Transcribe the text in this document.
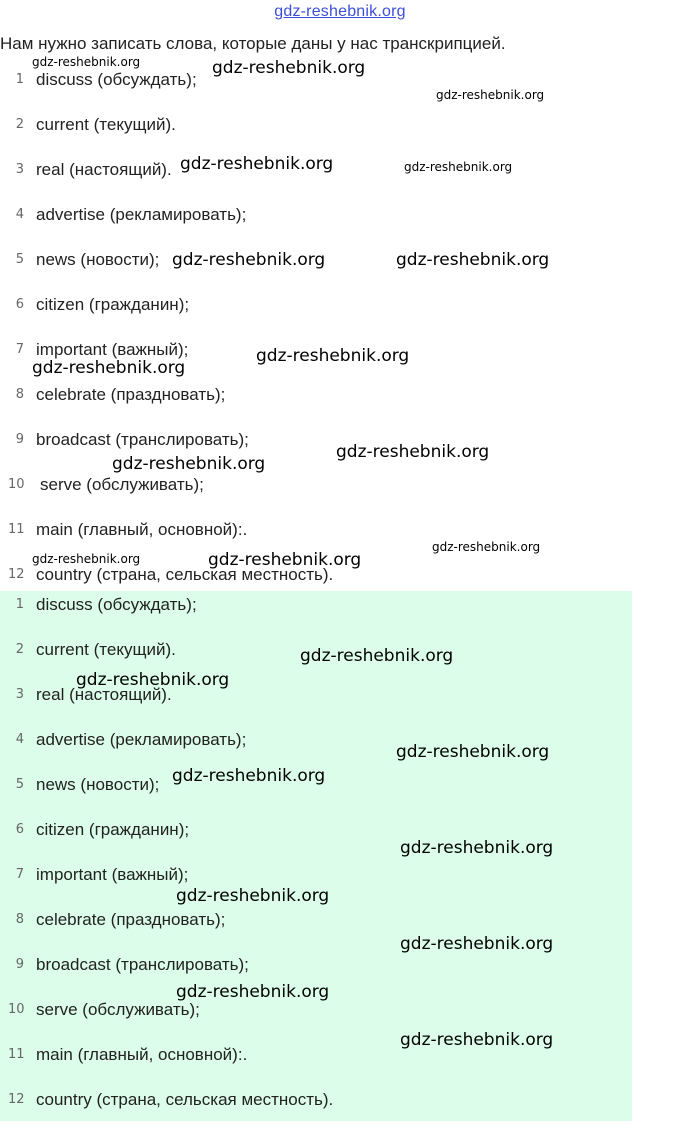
gdz-reshebnik.org
Нам нужно записать слова, которые даны у нас транскрипцией.
1 discuss (обсуждать);
2 current (текущий).
3 real (настоящий).
4 advertise (рекламировать);
5 news (новости);
6 citizen (гражданин);
7 important (важный);
8 celebrate (праздновать);
9 broadcast (транслировать);
10 serve (обслуживать);
11 main (главный, основной):.
12 country (страна, сельская местность).
1 discuss (обсуждать);
2 current (текущий).
3 real (настоящий).
4 advertise (рекламировать);
5 news (новости);
6 citizen (гражданин);
7 important (важный);
8 celebrate (праздновать);
9 broadcast (транслировать);
10 serve (обслуживать);
11 main (главный, основной):.
12 country (страна, сельская местность).
gdz-reshebnik.org	gdz-reshebnik.org
gdz-reshebnik.org
gdz-reshebnik.org	gdz-reshebnik.org
gdz-reshebnik.org	gdz-reshebnik.org
gdz-reshebnik.org
gdz-reshebnik.org
gdz-reshebnik.org
gdz-reshebnik.org
gdz-reshebnik.org
gdz-reshebnik.org	gdz-reshebnik.org
gdz-reshebnik.org
gdz-reshebnik.org
gdz-reshebnik.org
gdz-reshebnik.org
gdz-reshebnik.org
gdz-reshebnik.org
gdz-reshebnik.org
gdz-reshebnik.org
gdz-reshebnik.org
